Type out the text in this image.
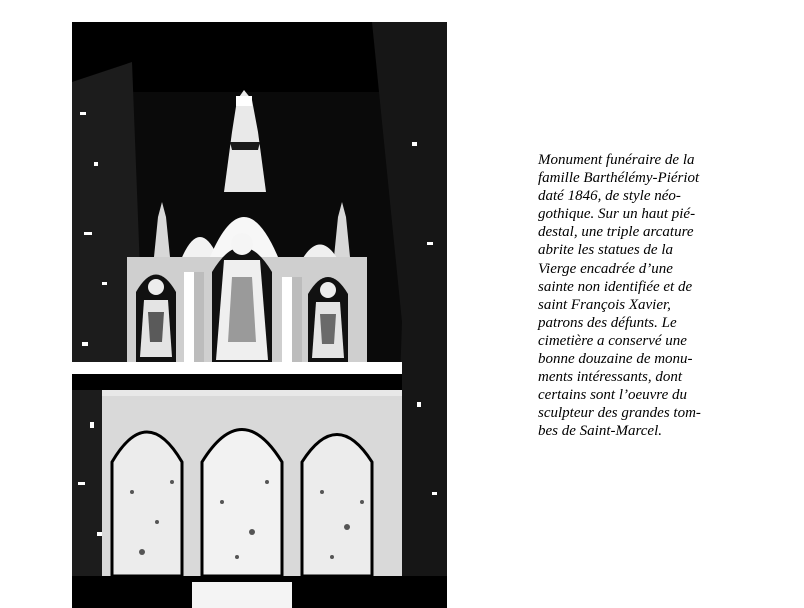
Monument funéraire de la
famille Barthélémy-Piériot
daté 1846, de style néo-
gothique. Sur un haut pié-
destal, une triple arcature
abrite les statues de la
Vierge encadrée d’une
sainte non identifiée et de
saint François Xavier,
patrons des défunts. Le
cimetière a conservé une
bonne douzaine de monu-
ments intéressants, dont
certains sont l’oeuvre du
sculpteur des grandes tom-
bes de Saint-Marcel.
